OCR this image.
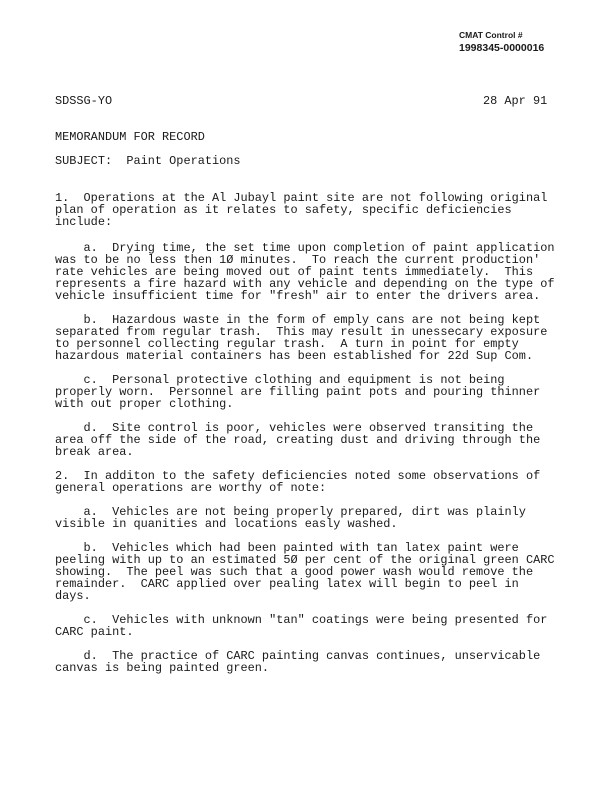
CMAT Control #
1998345-0000016
SDSSG-YO	28 Apr 91
MEMORANDUM FOR RECORD
SUBJECT:  Paint Operations
1.  Operations at the Al Jubayl paint site are not following original
plan of operation as it relates to safety, specific deficiencies
include:
a.  Drying time, the set time upon completion of paint application
was to be no less then 1Ø minutes.  To reach the current production'
rate vehicles are being moved out of paint tents immediately.  This
represents a fire hazard with any vehicle and depending on the type of
vehicle insufficient time for "fresh" air to enter the drivers area.
b.  Hazardous waste in the form of emply cans are not being kept
separated from regular trash.  This may result in unessecary exposure
to personnel collecting regular trash.  A turn in point for empty
hazardous material containers has been established for 22d Sup Com.
c.  Personal protective clothing and equipment is not being
properly worn.  Personnel are filling paint pots and pouring thinner
with out proper clothing.
d.  Site control is poor, vehicles were observed transiting the
area off the side of the road, creating dust and driving through the
break area.
2.  In additon to the safety deficiencies noted some observations of
general operations are worthy of note:
a.  Vehicles are not being properly prepared, dirt was plainly
visible in quanities and locations easly washed.
b.  Vehicles which had been painted with tan latex paint were
peeling with up to an estimated 5Ø per cent of the original green CARC
showing.  The peel was such that a good power wash would remove the
remainder.  CARC applied over pealing latex will begin to peel in
days.
c.  Vehicles with unknown "tan" coatings were being presented for
CARC paint.
d.  The practice of CARC painting canvas continues, unservicable
canvas is being painted green.
